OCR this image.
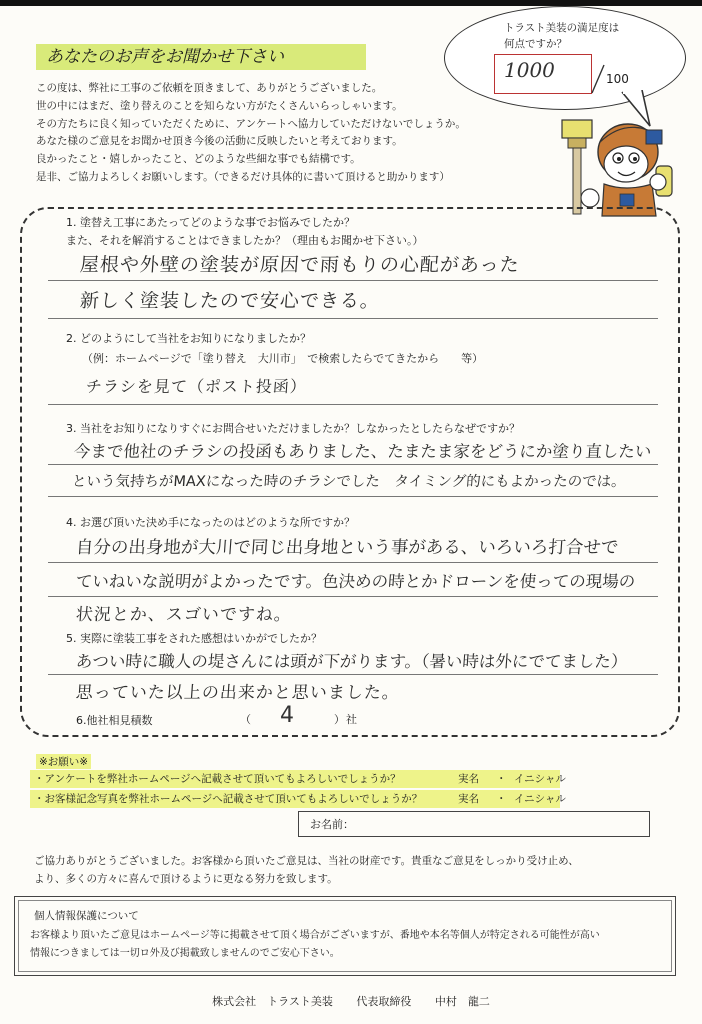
あなたのお声をお聞かせ下さい
この度は、弊社に工事のご依頼を頂きまして、ありがとうございました。
世の中にはまだ、塗り替えのことを知らない方がたくさんいらっしゃいます。
その方たちに良く知っていただくために、アンケートへ協力していただけないでしょうか。
あなた様のご意見をお聞かせ頂き今後の活動に反映したいと考えております。
良かったこと・嬉しかったこと、どのような些細な事でも結構です。
是非、ご協力よろしくお願いします。（できるだけ具体的に書いて頂けると助かります）
トラスト美装の満足度は
何点ですか？
1000	100
1. 塗替え工事にあたってどのような事でお悩みでしたか？
また、それを解消することはできましたか？（理由もお聞かせ下さい。）
屋根や外壁の塗装が原因で雨もりの心配があった
新しく塗装したので安心できる。
2. どのようにして当社をお知りになりましたか？
（例：ホームページで「塗り替え　大川市」　で検索したらでてきたから　　等）
チラシを見て（ポスト投函）
3. 当社をお知りになりすぐにお問合せいただけましたか？しなかったとしたらなぜですか？
今まで他社のチラシの投函もありました、たまたま家をどうにか塗り直したい
という気持ちがMAXになった時のチラシでした　タイミング的にもよかったのでは。
4. お選び頂いた決め手になったのはどのような所ですか？
自分の出身地が大川で同じ出身地という事がある、いろいろ打合せで
ていねいな説明がよかったです。色決めの時とかドローンを使っての現場の
状況とか、スゴいですね。
5. 実際に塗装工事をされた感想はいかがでしたか？
あつい時に職人の堤さんには頭が下がります。（暑い時は外にでてました）
思っていた以上の出来かと思いました。
6.他社相見積数	（ 4	） 社
※お願い※
・アンケートを弊社ホームページへ記載させて頂いてもよろしいでしょうか？	実名 ・ イニシャル
・お客様記念写真を弊社ホームページへ記載させて頂いてもよろしいでしょうか？	実名 ・ イニシャル
お名前：
ご協力ありがとうございました。お客様から頂いたご意見は、当社の財産です。貴重なご意見をしっかり受け止め、
より、多くの方々に喜んで頂けるように更なる努力を致します。
個人情報保護について
お客様より頂いたご意見はホームページ等に掲載させて頂く場合がございますが、番地や本名等個人が特定される可能性が高い
情報につきましては一切ロ外及び掲載致しませんのでご安心下さい。
株式会社　トラスト美装 代表取締役 中村　龍二
